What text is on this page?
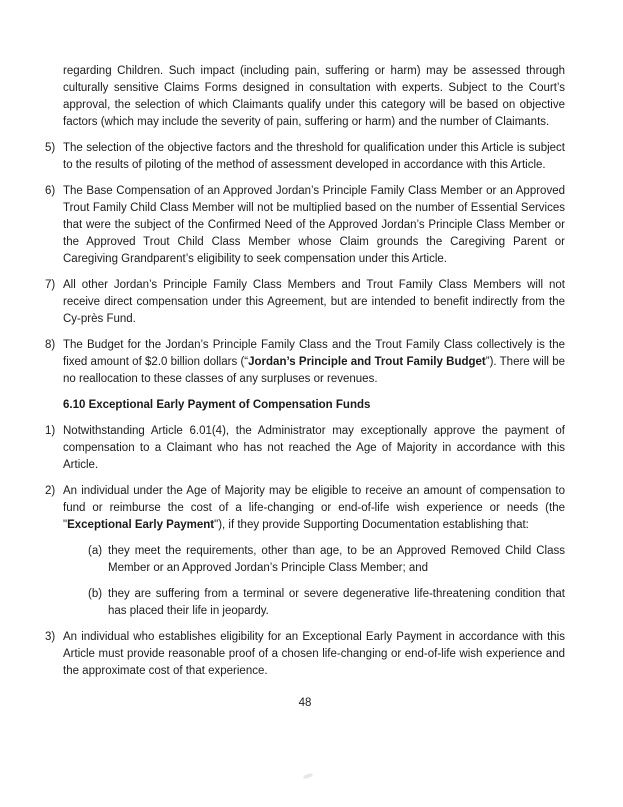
regarding Children. Such impact (including pain, suffering or harm) may be assessed through culturally sensitive Claims Forms designed in consultation with experts. Subject to the Court’s approval, the selection of which Claimants qualify under this category will be based on objective factors (which may include the severity of pain, suffering or harm) and the number of Claimants.

5) The selection of the objective factors and the threshold for qualification under this Article is subject to the results of piloting of the method of assessment developed in accordance with this Article.
6) The Base Compensation of an Approved Jordan’s Principle Family Class Member or an Approved Trout Family Child Class Member will not be multiplied based on the number of Essential Services that were the subject of the Confirmed Need of the Approved Jordan’s Principle Class Member or the Approved Trout Child Class Member whose Claim grounds the Caregiving Parent or Caregiving Grandparent’s eligibility to seek compensation under this Article.
7) All other Jordan’s Principle Family Class Members and Trout Family Class Members will not receive direct compensation under this Agreement, but are intended to benefit indirectly from the Cy-près Fund.
8) The Budget for the Jordan’s Principle Family Class and the Trout Family Class collectively is the fixed amount of $2.0 billion dollars (“Jordan’s Principle and Trout Family Budget”). There will be no reallocation to these classes of any surpluses or revenues.
6.10 Exceptional Early Payment of Compensation Funds
1) Notwithstanding Article 6.01(4), the Administrator may exceptionally approve the payment of compensation to a Claimant who has not reached the Age of Majority in accordance with this Article.
2) An individual under the Age of Majority may be eligible to receive an amount of compensation to fund or reimburse the cost of a life-changing or end-of-life wish experience or needs (the "Exceptional Early Payment"), if they provide Supporting Documentation establishing that:
(a) they meet the requirements, other than age, to be an Approved Removed Child Class Member or an Approved Jordan’s Principle Class Member; and
(b) they are suffering from a terminal or severe degenerative life-threatening condition that has placed their life in jeopardy.
3) An individual who establishes eligibility for an Exceptional Early Payment in accordance with this Article must provide reasonable proof of a chosen life-changing or end-of-life wish experience and the approximate cost of that experience.
48
